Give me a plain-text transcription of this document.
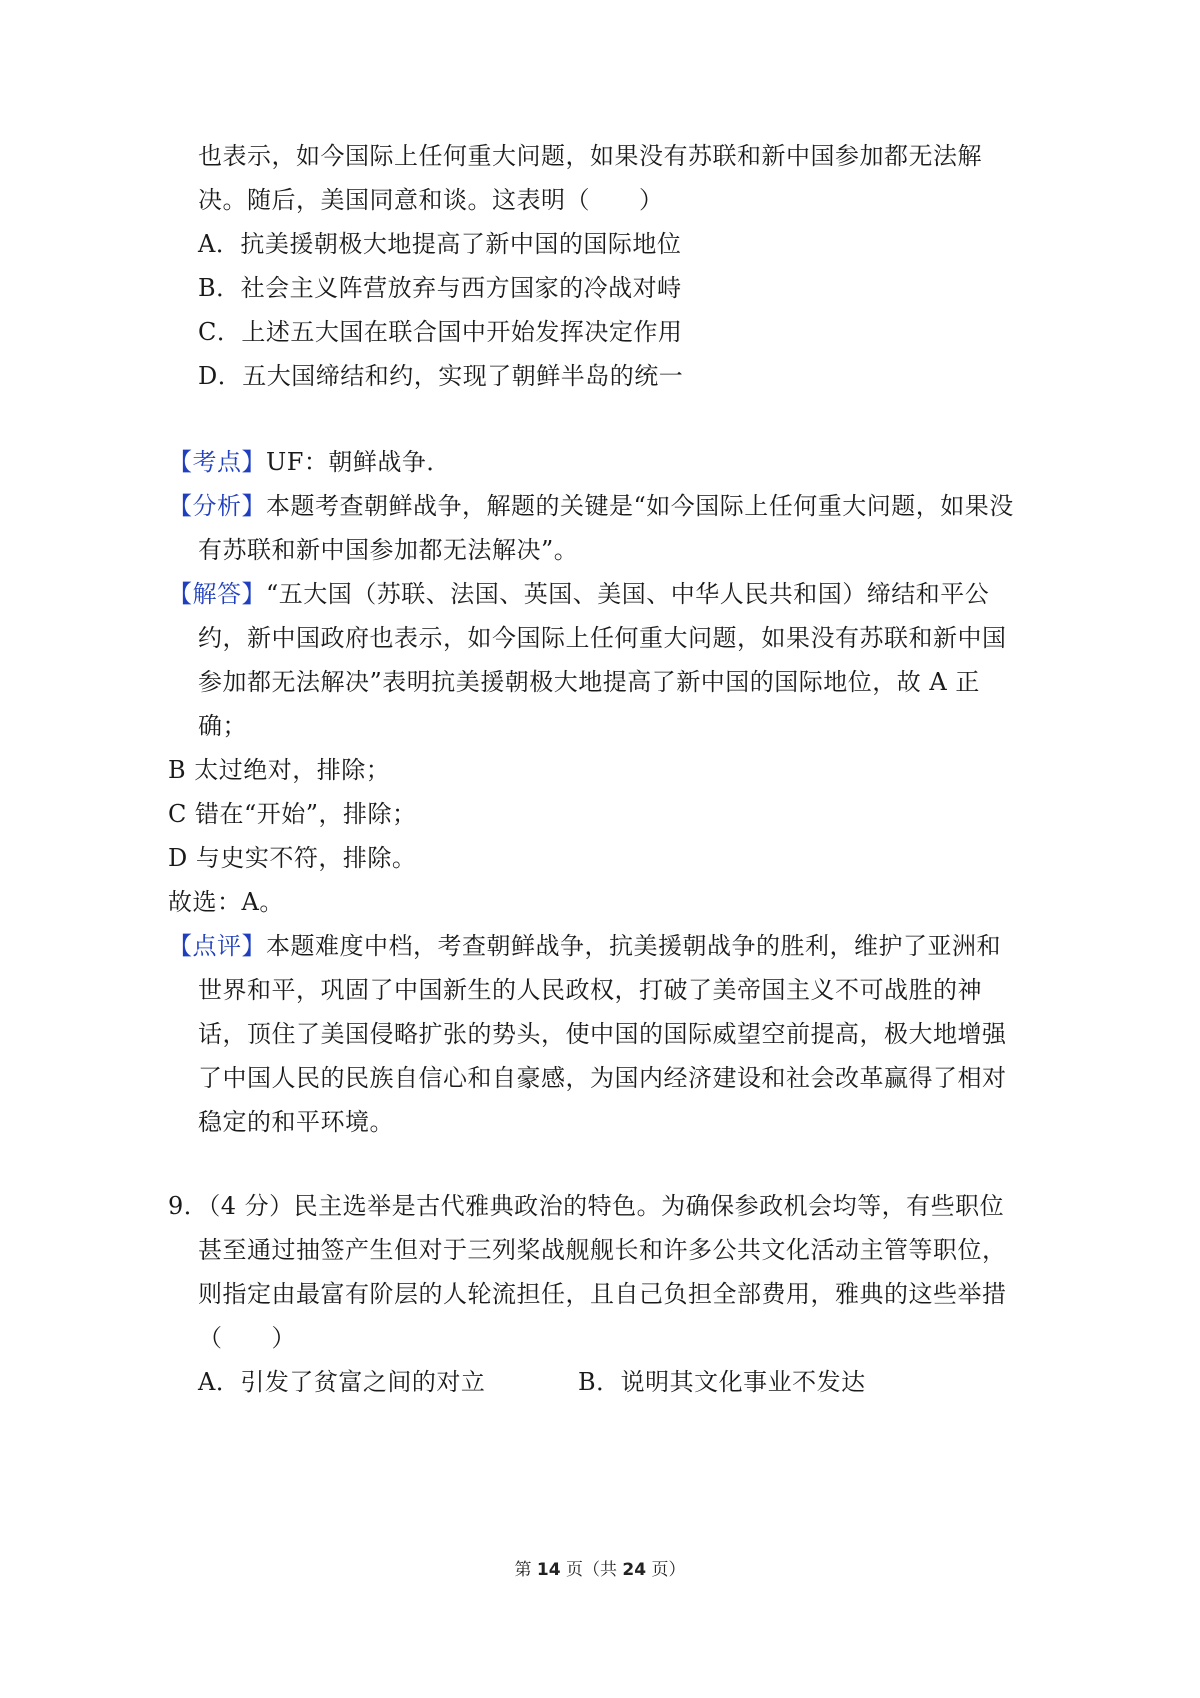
也表示，如今国际上任何重大问题，如果没有苏联和新中国参加都无法解
决。随后，美国同意和谈。这表明（　　）
A．抗美援朝极大地提高了新中国的国际地位
B．社会主义阵营放弃与西方国家的冷战对峙
C．上述五大国在联合国中开始发挥决定作用
D．五大国缔结和约，实现了朝鲜半岛的统一
【考点】UF：朝鲜战争．
【分析】本题考查朝鲜战争，解题的关键是“如今国际上任何重大问题，如果没
有苏联和新中国参加都无法解决”。
【解答】“五大国（苏联、法国、英国、美国、中华人民共和国）缔结和平公
约，新中国政府也表示，如今国际上任何重大问题，如果没有苏联和新中国
参加都无法解决”表明抗美援朝极大地提高了新中国的国际地位，故 A 正
确；
B 太过绝对，排除；
C 错在“开始”，排除；
D 与史实不符，排除。
故选：A。
【点评】本题难度中档，考查朝鲜战争，抗美援朝战争的胜利，维护了亚洲和
世界和平，巩固了中国新生的人民政权，打破了美帝国主义不可战胜的神
话，顶住了美国侵略扩张的势头，使中国的国际威望空前提高，极大地增强
了中国人民的民族自信心和自豪感，为国内经济建设和社会改革赢得了相对
稳定的和平环境。
9．（4 分）民主选举是古代雅典政治的特色。为确保参政机会均等，有些职位
甚至通过抽签产生但对于三列桨战舰舰长和许多公共文化活动主管等职位，
则指定由最富有阶层的人轮流担任，且自己负担全部费用，雅典的这些举措
（　　）
A．引发了贫富之间的对立	B．说明其文化事业不发达
第 14 页（共 24 页）
